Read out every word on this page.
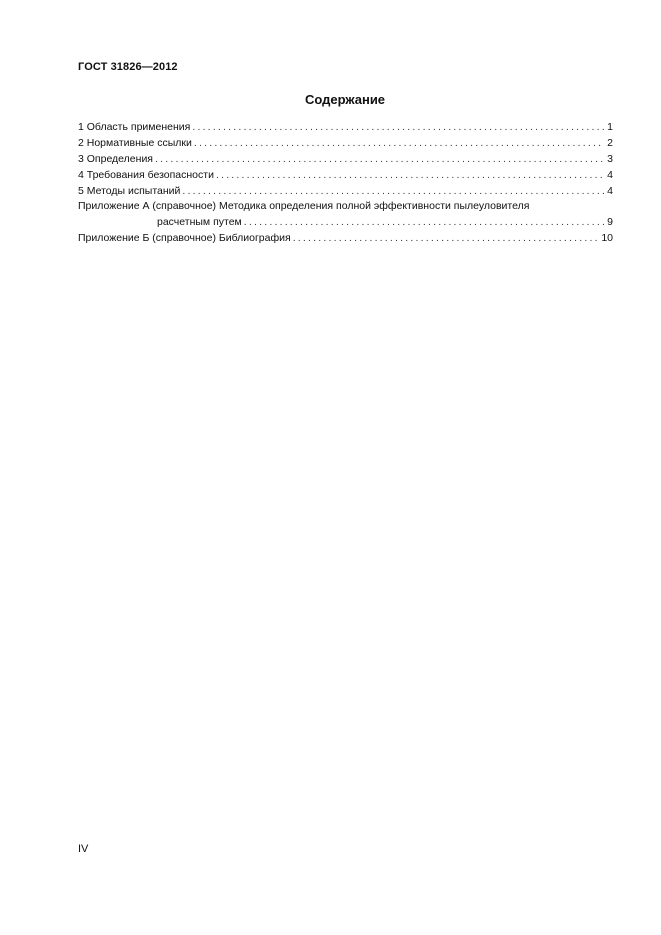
ГОСТ 31826—2012
Содержание
1 Область применения .....	1
2 Нормативные ссылки .....	2
3 Определения .....	3
4 Требования безопасности .....	4
5 Методы испытаний .....	4
Приложение А (справочное) Методика определения полной эффективности пылеуловителя
расчетным путем .....	9
Приложение Б (справочное) Библиография .....	10
IV
